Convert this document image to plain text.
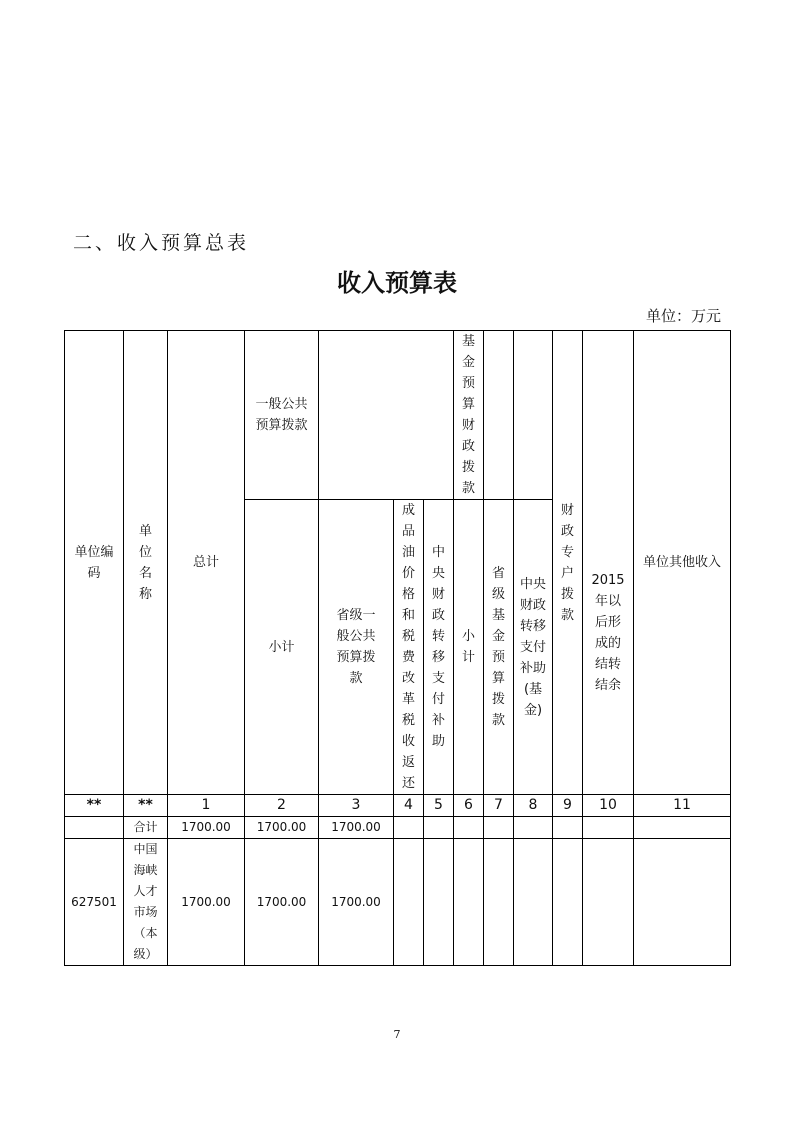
二、收入预算总表
收入预算表
单位：万元
单位编码	单位名称	总计	一般公共预算拨款				基金预算财政拨款			财政专户拨款	2015年以后形成的结转结余	单位其他收入

			小计	省级一般公共预算拨款	成品油价格和税费改革税收返还	中央财政转移支付补助	小计	省级基金预算拨款	中央财政转移支付补助(基金)			

**	**	1	2	3	4	5	6	7	8	9	10	11
	合计	1700.00	1700.00	1700.00								
627501	中国海峡人才市场（本级）	1700.00	1700.00	1700.00								
7
